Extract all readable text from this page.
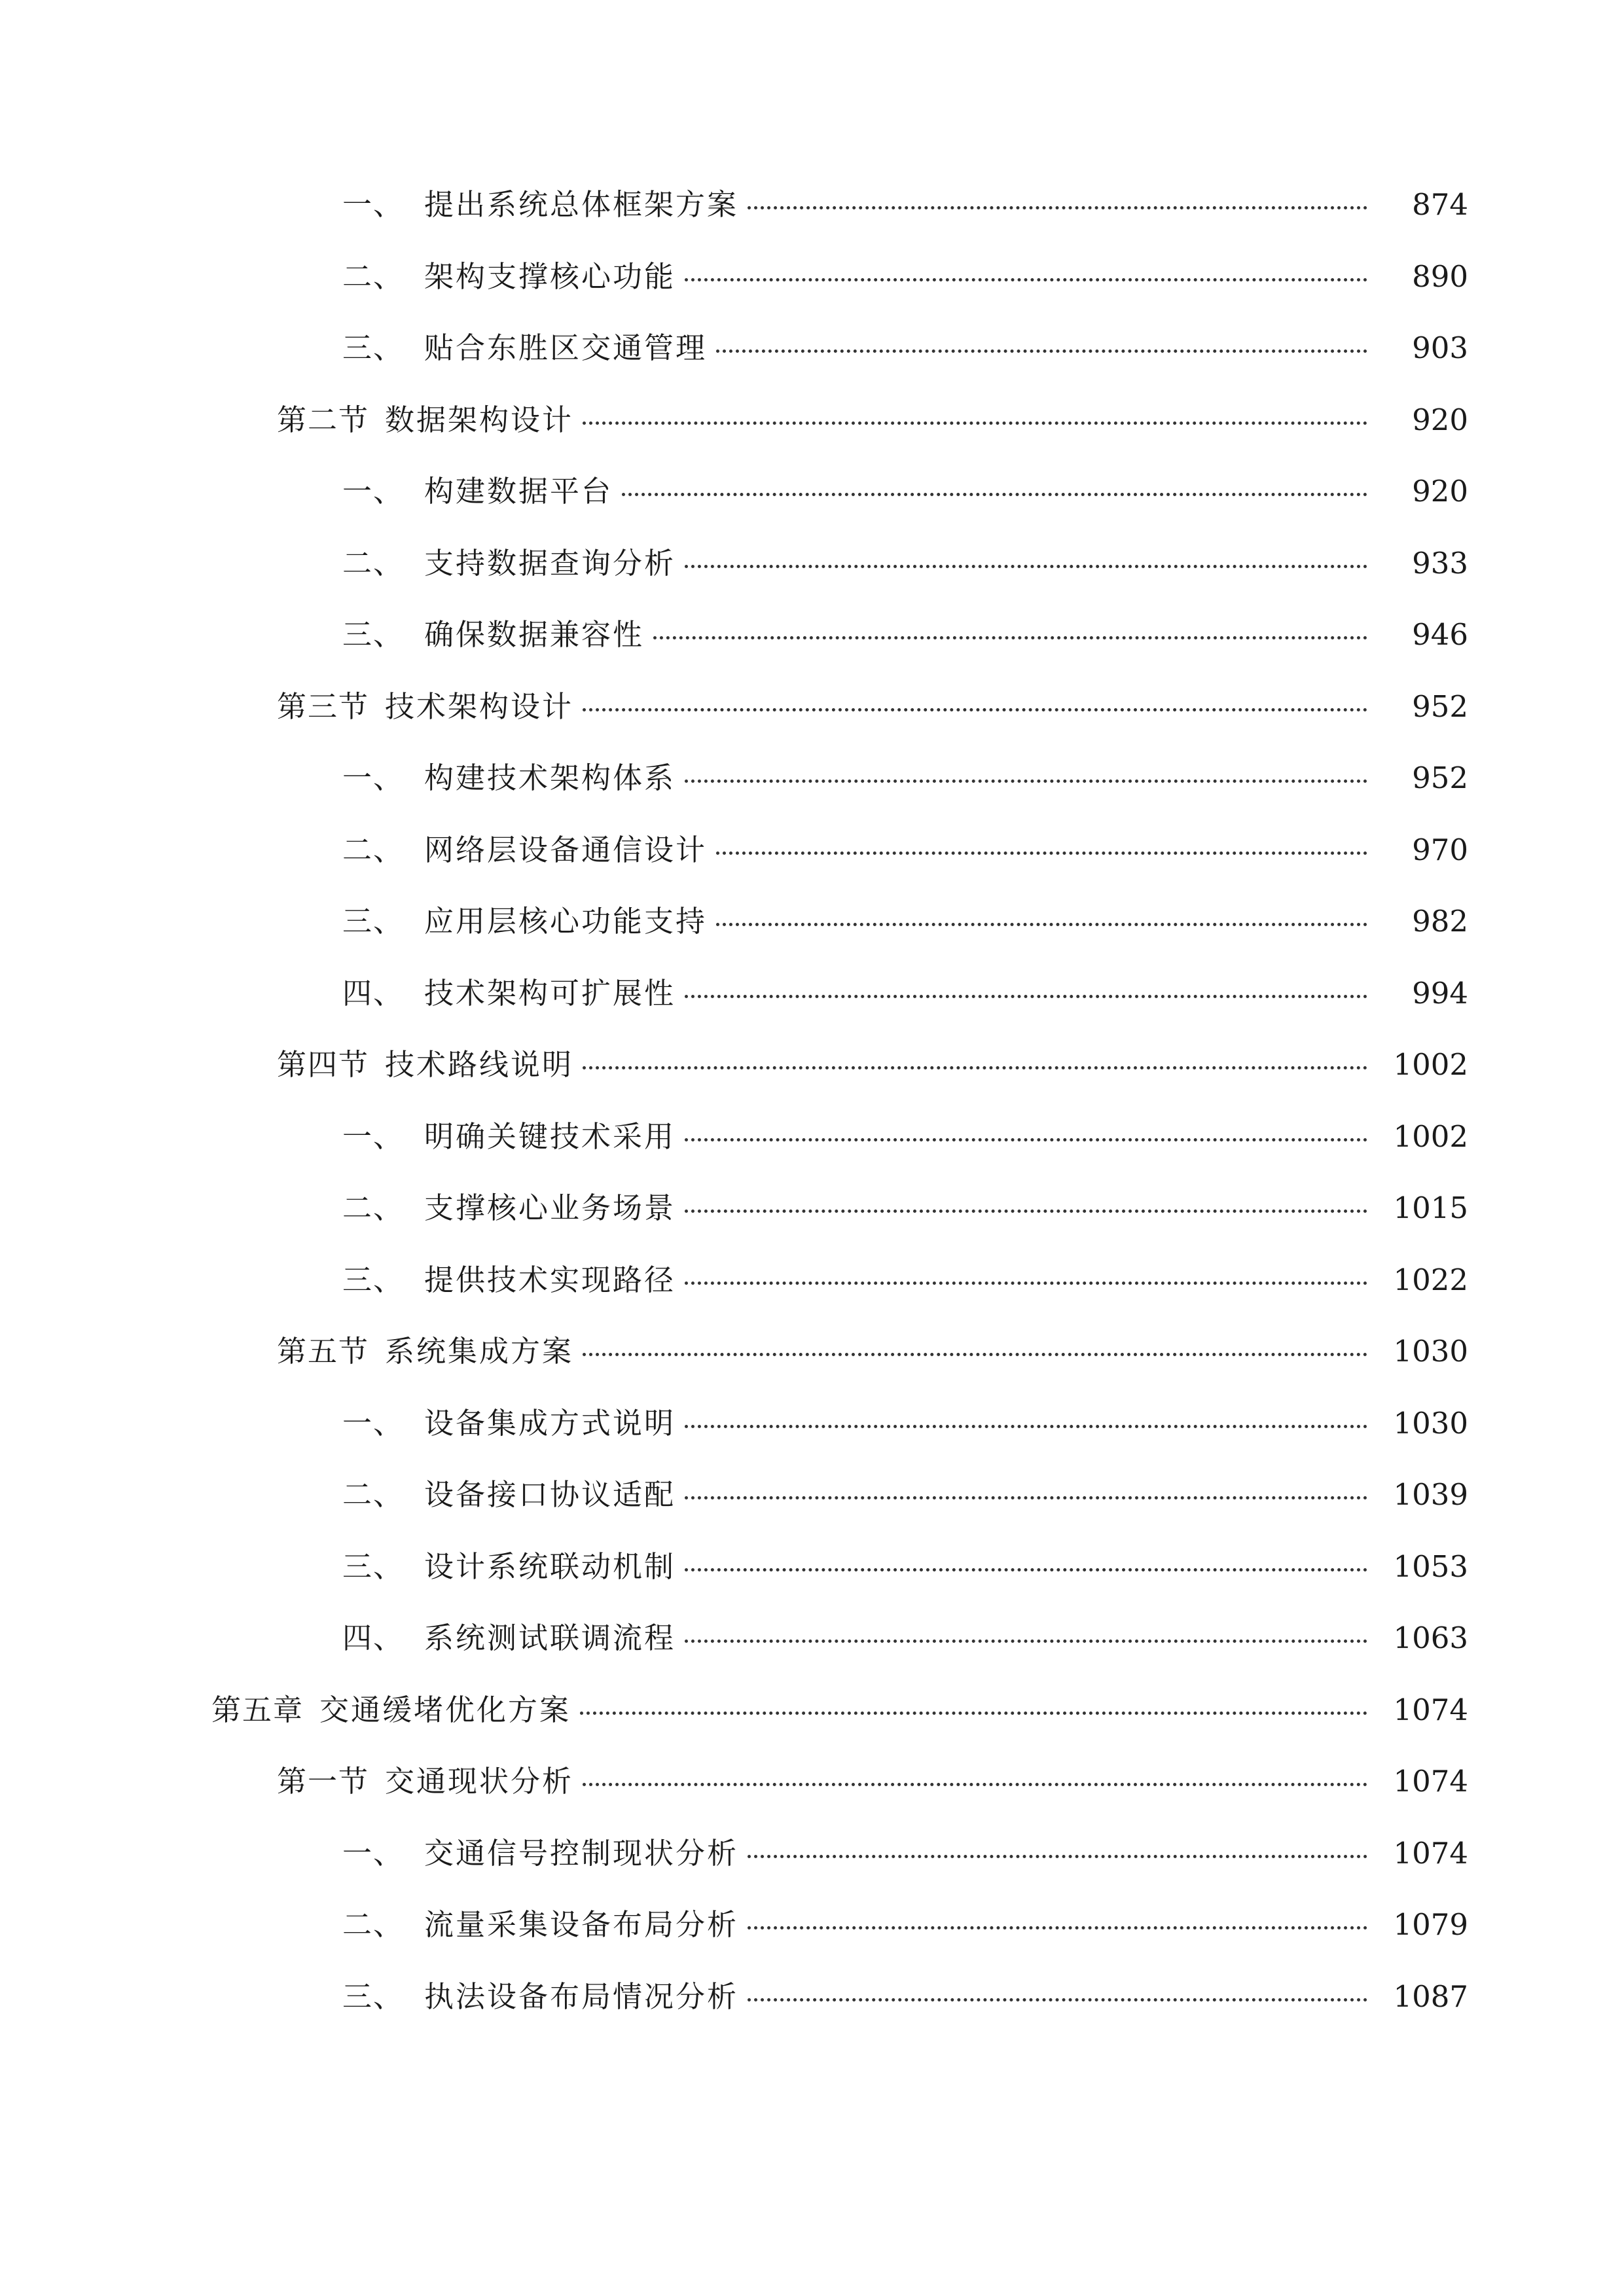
一、 提出系统总体框架方案	874
二、 架构支撑核心功能	890
三、 贴合东胜区交通管理	903
第二节 数据架构设计	920
一、 构建数据平台	920
二、 支持数据查询分析	933
三、 确保数据兼容性	946
第三节 技术架构设计	952
一、 构建技术架构体系	952
二、 网络层设备通信设计	970
三、 应用层核心功能支持	982
四、 技术架构可扩展性	994
第四节 技术路线说明	1002
一、 明确关键技术采用	1002
二、 支撑核心业务场景	1015
三、 提供技术实现路径	1022
第五节 系统集成方案	1030
一、 设备集成方式说明	1030
二、 设备接口协议适配	1039
三、 设计系统联动机制	1053
四、 系统测试联调流程	1063
第五章 交通缓堵优化方案	1074
第一节 交通现状分析	1074
一、 交通信号控制现状分析	1074
二、 流量采集设备布局分析	1079
三、 执法设备布局情况分析	1087
